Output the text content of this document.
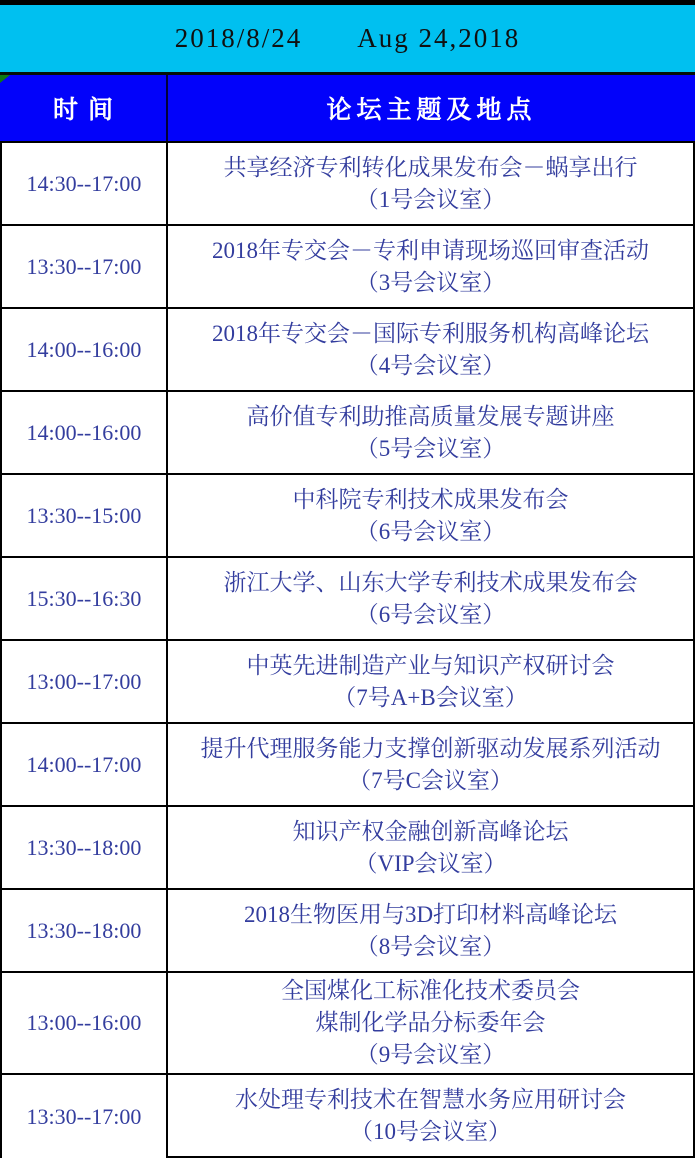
2018/8/24 Aug 24,2018
时间	论坛主题及地点
14:30--17:00
共享经济专利转化成果发布会－蜗享出行
（1号会议室）
13:30--17:00
2018年专交会－专利申请现场巡回审查活动
（3号会议室）
14:00--16:00
2018年专交会－国际专利服务机构高峰论坛
（4号会议室）
14:00--16:00
高价值专利助推高质量发展专题讲座
（5号会议室）
13:30--15:00
中科院专利技术成果发布会
（6号会议室）
15:30--16:30
浙江大学、山东大学专利技术成果发布会
（6号会议室）
13:00--17:00
中英先进制造产业与知识产权研讨会
（7号A+B会议室）
14:00--17:00
提升代理服务能力支撑创新驱动发展系列活动
（7号C会议室）
13:30--18:00
知识产权金融创新高峰论坛
（VIP会议室）
13:30--18:00
2018生物医用与3D打印材料高峰论坛
（8号会议室）
13:00--16:00
全国煤化工标准化技术委员会
煤制化学品分标委年会
（9号会议室）
13:30--17:00
水处理专利技术在智慧水务应用研讨会
（10号会议室）
